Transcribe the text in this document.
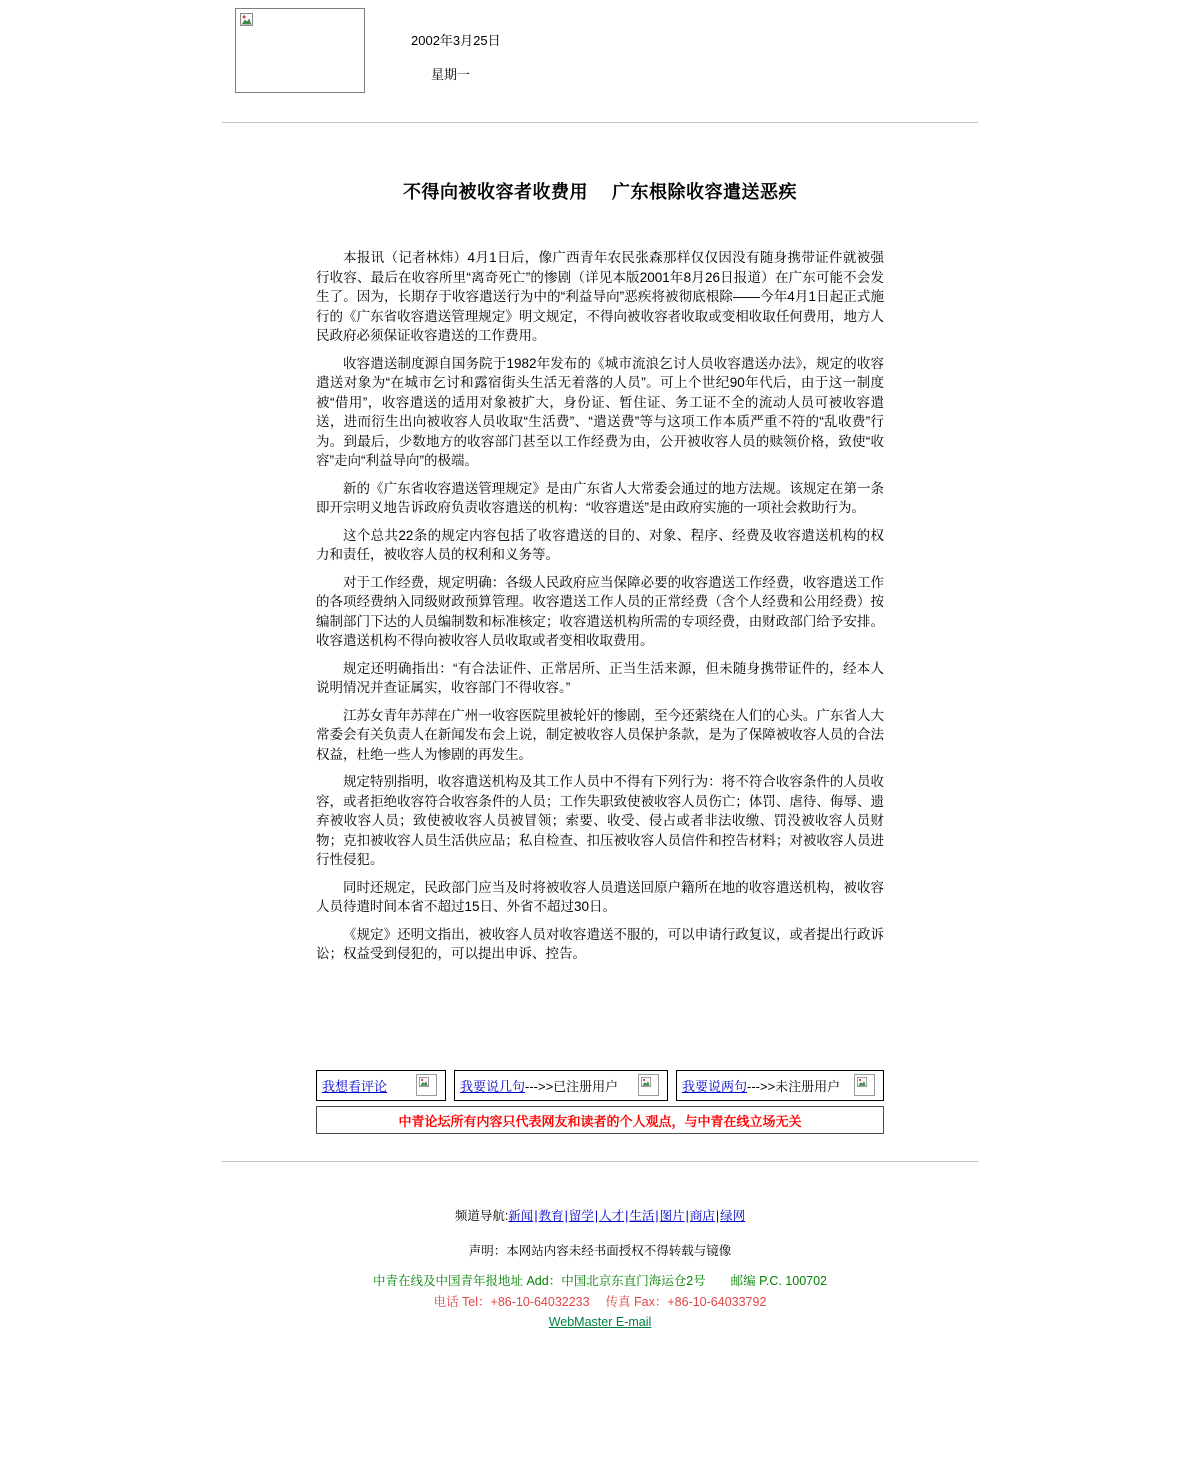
2002年3月25日
星期一
不得向被收容者收费用　 广东根除收容遣送恶疾

本报讯（记者林炜）4月1日后，像广西青年农民张森那样仅仅因没有随身携带证件就被强行收容、最后在收容所里“离奇死亡”的惨剧（详见本版2001年8月26日报道）在广东可能不会发生了。因为，长期存于收容遣送行为中的“利益导向”恶疾将被彻底根除——今年4月1日起正式施行的《广东省收容遣送管理规定》明文规定，不得向被收容者收取或变相收取任何费用，地方人民政府必须保证收容遣送的工作费用。

收容遣送制度源自国务院于1982年发布的《城市流浪乞讨人员收容遣送办法》，规定的收容遣送对象为“在城市乞讨和露宿街头生活无着落的人员”。可上个世纪90年代后，由于这一制度被“借用”，收容遣送的适用对象被扩大，身份证、暂住证、务工证不全的流动人员可被收容遣送，进而衍生出向被收容人员收取“生活费”、“遣送费”等与这项工作本质严重不符的“乱收费”行为。到最后，少数地方的收容部门甚至以工作经费为由，公开被收容人员的赎领价格，致使“收容”走向“利益导向”的极端。

新的《广东省收容遣送管理规定》是由广东省人大常委会通过的地方法规。该规定在第一条即开宗明义地告诉政府负责收容遣送的机构：“收容遣送”是由政府实施的一项社会救助行为。

这个总共22条的规定内容包括了收容遣送的目的、对象、程序、经费及收容遣送机构的权力和责任，被收容人员的权利和义务等。

对于工作经费，规定明确：各级人民政府应当保障必要的收容遣送工作经费，收容遣送工作的各项经费纳入同级财政预算管理。收容遣送工作人员的正常经费（含个人经费和公用经费）按编制部门下达的人员编制数和标准核定；收容遣送机构所需的专项经费，由财政部门给予安排。收容遣送机构不得向被收容人员收取或者变相收取费用。

规定还明确指出：“有合法证件、正常居所、正当生活来源，但未随身携带证件的，经本人说明情况并查证属实，收容部门不得收容。”

江苏女青年苏萍在广州一收容医院里被轮奸的惨剧，至今还萦绕在人们的心头。广东省人大常委会有关负责人在新闻发布会上说，制定被收容人员保护条款，是为了保障被收容人员的合法权益，杜绝一些人为惨剧的再发生。

规定特别指明，收容遣送机构及其工作人员中不得有下列行为：将不符合收容条件的人员收容，或者拒绝收容符合收容条件的人员；工作失职致使被收容人员伤亡；体罚、虐待、侮辱、遗弃被收容人员；致使被收容人员被冒领；索要、收受、侵占或者非法收缴、罚没被收容人员财物；克扣被收容人员生活供应品；私自检查、扣压被收容人员信件和控告材料；对被收容人员进行性侵犯。

同时还规定，民政部门应当及时将被收容人员遣送回原户籍所在地的收容遣送机构，被收容人员待遣时间本省不超过15日、外省不超过30日。

《规定》还明文指出，被收容人员对收容遣送不服的，可以申请行政复议，或者提出行政诉讼；权益受到侵犯的，可以提出申诉、控告。

我想看评论	我要说几句--->>已注册用户	我要说两句--->>未注册用户
中青论坛所有内容只代表网友和读者的个人观点，与中青在线立场无关
频道导航:新闻|教育|留学|人才|生活|图片|商店|绿网
声明：本网站内容未经书面授权不得转载与镜像
中青在线及中国青年报地址 Add：中国北京东直门海运仓2号　　邮编 P.C. 100702
电话 Tel：+86-10-64032233　 传真 Fax：+86-10-64033792
WebMaster E-mail
